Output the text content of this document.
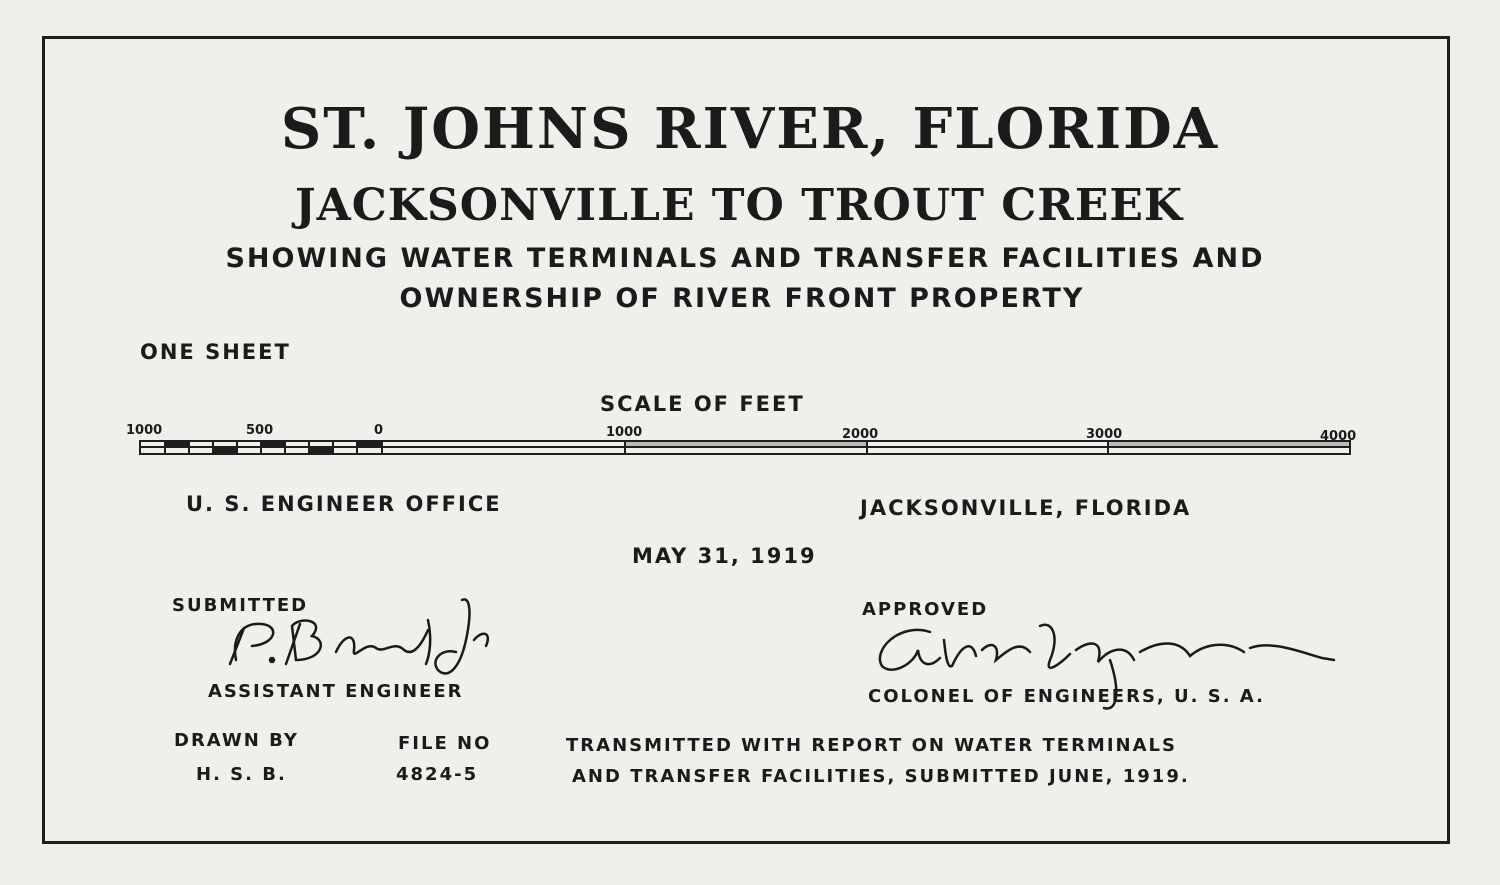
ST. JOHNS RIVER, FLORIDA
JACKSONVILLE TO TROUT CREEK
SHOWING WATER TERMINALS AND TRANSFER FACILITIES AND
OWNERSHIP OF RIVER FRONT PROPERTY
ONE SHEET
SCALE OF FEET
1000	500	0	1000	2000	3000	4000
U. S. ENGINEER OFFICE	JACKSONVILLE, FLORIDA
MAY 31, 1919
SUBMITTED
ASSISTANT ENGINEER
APPROVED
COLONEL OF ENGINEERS, U. S. A.
DRAWN BY
H. S. B.
FILE NO
4824-5
TRANSMITTED WITH REPORT ON WATER TERMINALS
AND TRANSFER FACILITIES, SUBMITTED JUNE, 1919.
